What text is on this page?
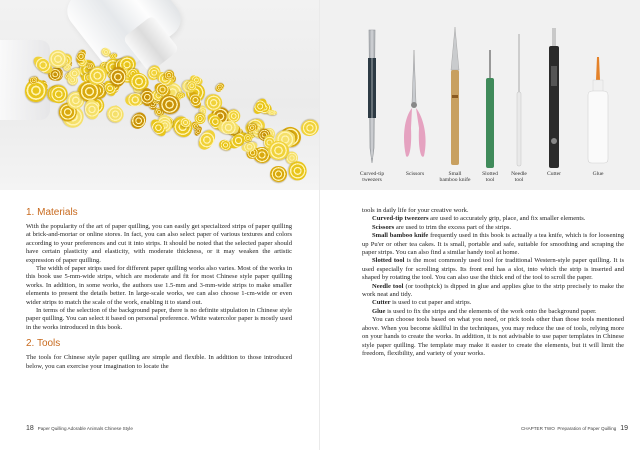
1. Materials

With the popularity of the art of paper quilling, you can easily get specialized strips of paper quilling at brick-and-mortar or online stores. In fact, you can also select paper of various textures and colors according to your preferences and cut it into strips. It should be noted that the selected paper should have certain plasticity and elasticity, with moderate thickness, or it may weaken the artistic expression of paper quilling.

The width of paper strips used for different paper quilling works also varies. Most of the works in this book use 5-mm-wide strips, which are moderate and fit for most Chinese style paper quilling works. In addition, in some works, the authors use 1.5-mm and 3-mm-wide strips to make smaller elements to present the details better. In large-scale works, we can also choose 1-cm-wide or even wider strips to match the scale of the work, enabling it to stand out.

In terms of the selection of the background paper, there is no definite stipulation in Chinese style paper quilling. You can select it based on personal preference. White watercolor paper is mostly used in the works introduced in this book.

2. Tools

The tools for Chinese style paper quilling are simple and flexible. In addition to those introduced below, you can exercise your imagination to locate the

18 Paper Quilling Adorable Animals Chinese Style
Curved-tip
tweezers
Scissors	Small
bamboo knife
Slotted
tool
Needle
tool
Cutter	Glue

tools in daily life for your creative work.

Curved-tip tweezers are used to accurately grip, place, and fix smaller elements.

Scissors are used to trim the excess part of the strips.

Small bamboo knife frequently used in this book is actually a tea knife, which is for loosening up Pu'er or other tea cakes. It is small, portable and safe, suitable for smoothing and scraping the paper strips. You can also find a similar handy tool at home.

Slotted tool is the most commonly used tool for traditional Western-style paper quilling. It is used especially for scrolling strips. Its front end has a slot, into which the strip is inserted and shaped by rotating the tool. You can also use the thick end of the tool to scroll the paper.

Needle tool (or toothpick) is dipped in glue and applies glue to the strip precisely to make the work neat and tidy.

Cutter is used to cut paper and strips.

Glue is used to fix the strips and the elements of the work onto the background paper.

You can choose tools based on what you need, or pick tools other than those tools mentioned above. When you become skillful in the techniques, you may reduce the use of tools, relying more on your hands to create the works. In addition, it is not advisable to use paper templates in Chinese style paper quilling. The template may make it easier to create the elements, but it will limit the freedom, flexibility, and variety of your works.

CHAPTER TWO Preparation of Paper Quilling 19
